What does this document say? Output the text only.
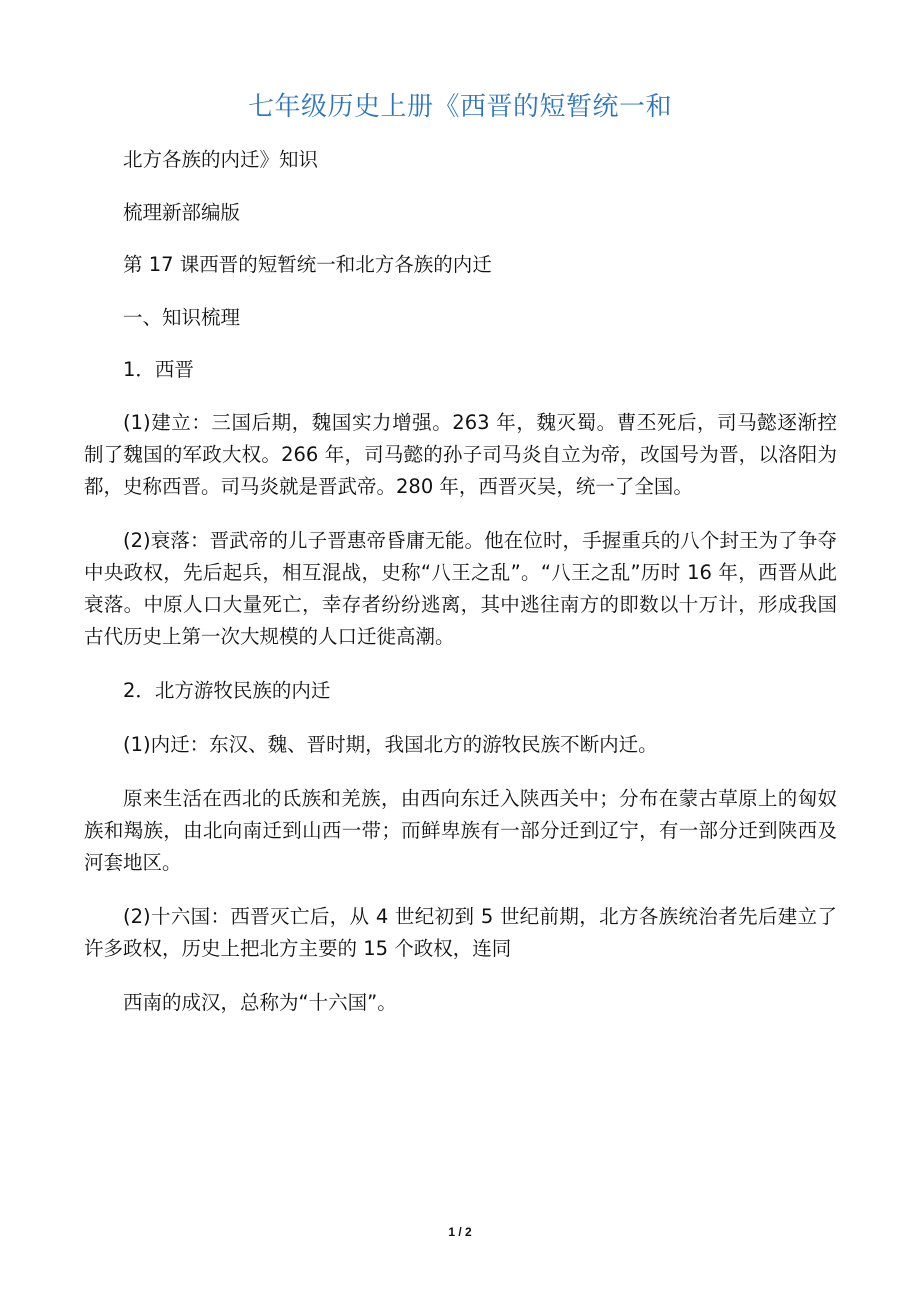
七年级历史上册《西晋的短暂统一和
北方各族的内迁》知识
梳理新部编版
第 17 课西晋的短暂统一和北方各族的内迁
一、知识梳理
1．西晋

(1)建立：三国后期，魏国实力增强。263 年，魏灭蜀。曹丕死后，司马懿逐渐控制了魏国的军政大权。266 年，司马懿的孙子司马炎自立为帝，改国号为晋，以洛阳为都，史称西晋。司马炎就是晋武帝。280 年，西晋灭吴，统一了全国。

(2)衰落：晋武帝的儿子晋惠帝昏庸无能。他在位时，手握重兵的八个封王为了争夺中央政权，先后起兵，相互混战，史称“八王之乱”。“八王之乱”历时 16 年，西晋从此衰落。中原人口大量死亡，幸存者纷纷逃离，其中逃往南方的即数以十万计，形成我国古代历史上第一次大规模的人口迁徙高潮。

2．北方游牧民族的内迁

(1)内迁：东汉、魏、晋时期，我国北方的游牧民族不断内迁。

原来生活在西北的氐族和羌族，由西向东迁入陕西关中；分布在蒙古草原上的匈奴族和羯族，由北向南迁到山西一带；而鲜卑族有一部分迁到辽宁，有一部分迁到陕西及河套地区。

(2)十六国：西晋灭亡后，从 4 世纪初到 5 世纪前期，北方各族统治者先后建立了许多政权，历史上把北方主要的 15 个政权，连同

西南的成汉，总称为“十六国”。

1 / 2
